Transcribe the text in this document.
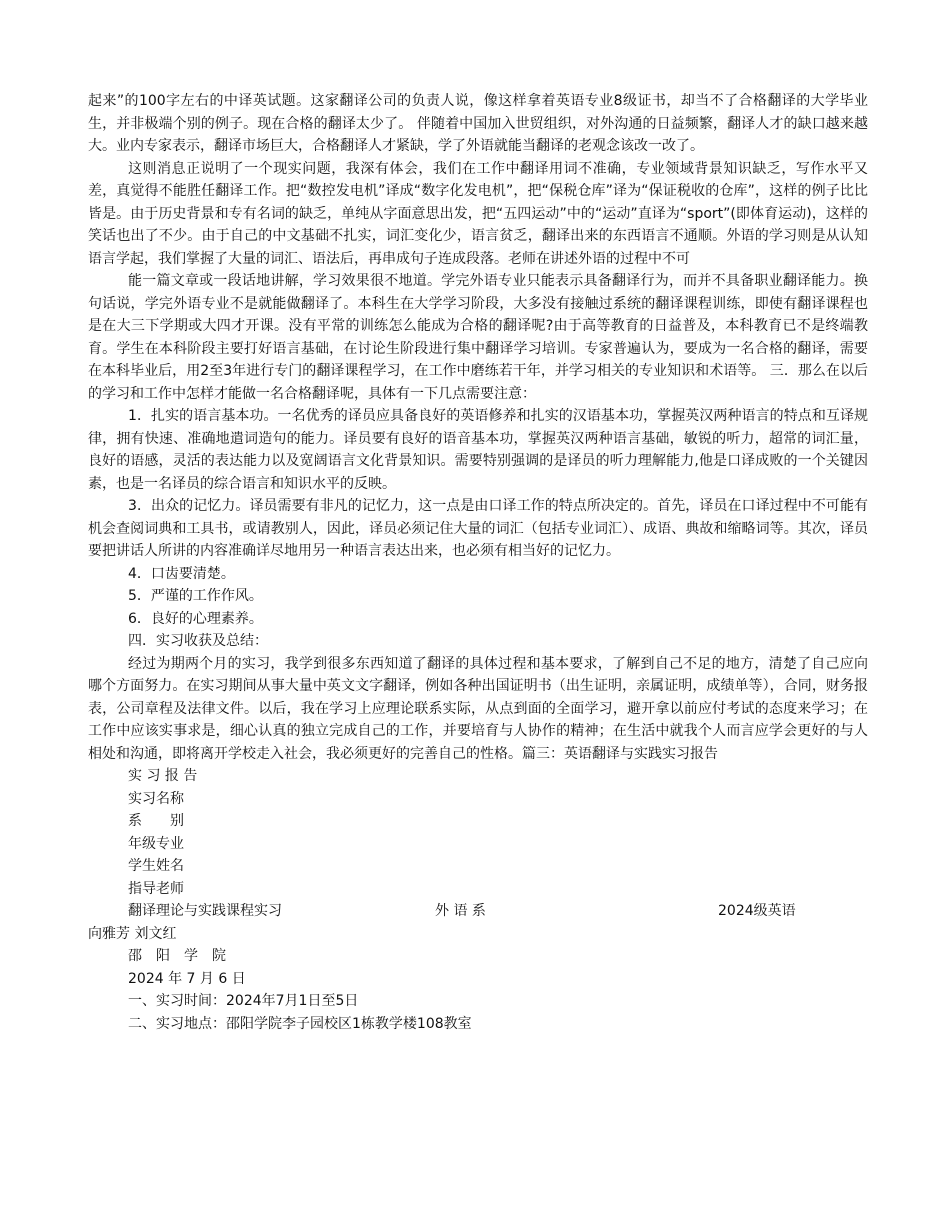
起来”的100字左右的中译英试题。这家翻译公司的负责人说，像这样拿着英语专业8级证书，却当不了合格翻译的大学毕业生，并非极端个别的例子。现在合格的翻译太少了。 伴随着中国加入世贸组织，对外沟通的日益频繁，翻译人才的缺口越来越大。业内专家表示，翻译市场巨大，合格翻译人才紧缺，学了外语就能当翻译的老观念该改一改了。

这则消息正说明了一个现实问题，我深有体会，我们在工作中翻译用词不准确，专业领域背景知识缺乏，写作水平又差，真觉得不能胜任翻译工作。把“数控发电机”译成“数字化发电机”，把“保税仓库”译为“保证税收的仓库”，这样的例子比比皆是。由于历史背景和专有名词的缺乏，单纯从字面意思出发，把“五四运动”中的“运动”直译为“sport”(即体育运动)，这样的笑话也出了不少。由于自己的中文基础不扎实，词汇变化少，语言贫乏，翻译出来的东西语言不通顺。外语的学习则是从认知语言学起，我们掌握了大量的词汇、语法后，再串成句子连成段落。老师在讲述外语的过程中不可

能一篇文章或一段话地讲解，学习效果很不地道。学完外语专业只能表示具备翻译行为，而并不具备职业翻译能力。换句话说，学完外语专业不是就能做翻译了。本科生在大学学习阶段，大多没有接触过系统的翻译课程训练，即使有翻译课程也是在大三下学期或大四才开课。没有平常的训练怎么能成为合格的翻译呢?由于高等教育的日益普及，本科教育已不是终端教育。学生在本科阶段主要打好语言基础，在讨论生阶段进行集中翻译学习培训。专家普遍认为，要成为一名合格的翻译，需要在本科毕业后，用2至3年进行专门的翻译课程学习，在工作中磨练若干年，并学习相关的专业知识和术语等。 三．那么在以后的学习和工作中怎样才能做一名合格翻译呢，具体有一下几点需要注意：

1．扎实的语言基本功。一名优秀的译员应具备良好的英语修养和扎实的汉语基本功，掌握英汉两种语言的特点和互译规律，拥有快速、准确地遣词造句的能力。译员要有良好的语音基本功，掌握英汉两种语言基础，敏锐的听力，超常的词汇量，良好的语感，灵活的表达能力以及宽阔语言文化背景知识。需要特别强调的是译员的听力理解能力,他是口译成败的一个关键因素，也是一名译员的综合语言和知识水平的反映。

3．出众的记忆力。译员需要有非凡的记忆力，这一点是由口译工作的特点所决定的。首先，译员在口译过程中不可能有机会查阅词典和工具书，或请教别人，因此，译员必须记住大量的词汇（包括专业词汇）、成语、典故和缩略词等。其次，译员要把讲话人所讲的内容准确详尽地用另一种语言表达出来，也必须有相当好的记忆力。

4．口齿要清楚。

5．严谨的工作作风。

6．良好的心理素养。

四．实习收获及总结：

经过为期两个月的实习，我学到很多东西知道了翻译的具体过程和基本要求，了解到自己不足的地方，清楚了自己应向哪个方面努力。在实习期间从事大量中英文文字翻译，例如各种出国证明书（出生证明，亲属证明，成绩单等），合同，财务报表，公司章程及法律文件。以后，我在学习上应理论联系实际，从点到面的全面学习，避开拿以前应付考试的态度来学习；在工作中应该实事求是，细心认真的独立完成自己的工作，并要培育与人协作的精神；在生活中就我个人而言应学会更好的与人相处和沟通，即将离开学校走入社会，我必须更好的完善自己的性格。篇三：英语翻译与实践实习报告

实 习 报 告

实习名称

系　　别

年级专业

学生姓名

指导老师

翻译理论与实践课程实习	外 语 系	2024级英语

向雅芳 刘文红

邵　阳　学　院

2024 年 7 月 6 日

一、实习时间：2024年7月1日至5日

二、实习地点：邵阳学院李子园校区1栋教学楼108教室
